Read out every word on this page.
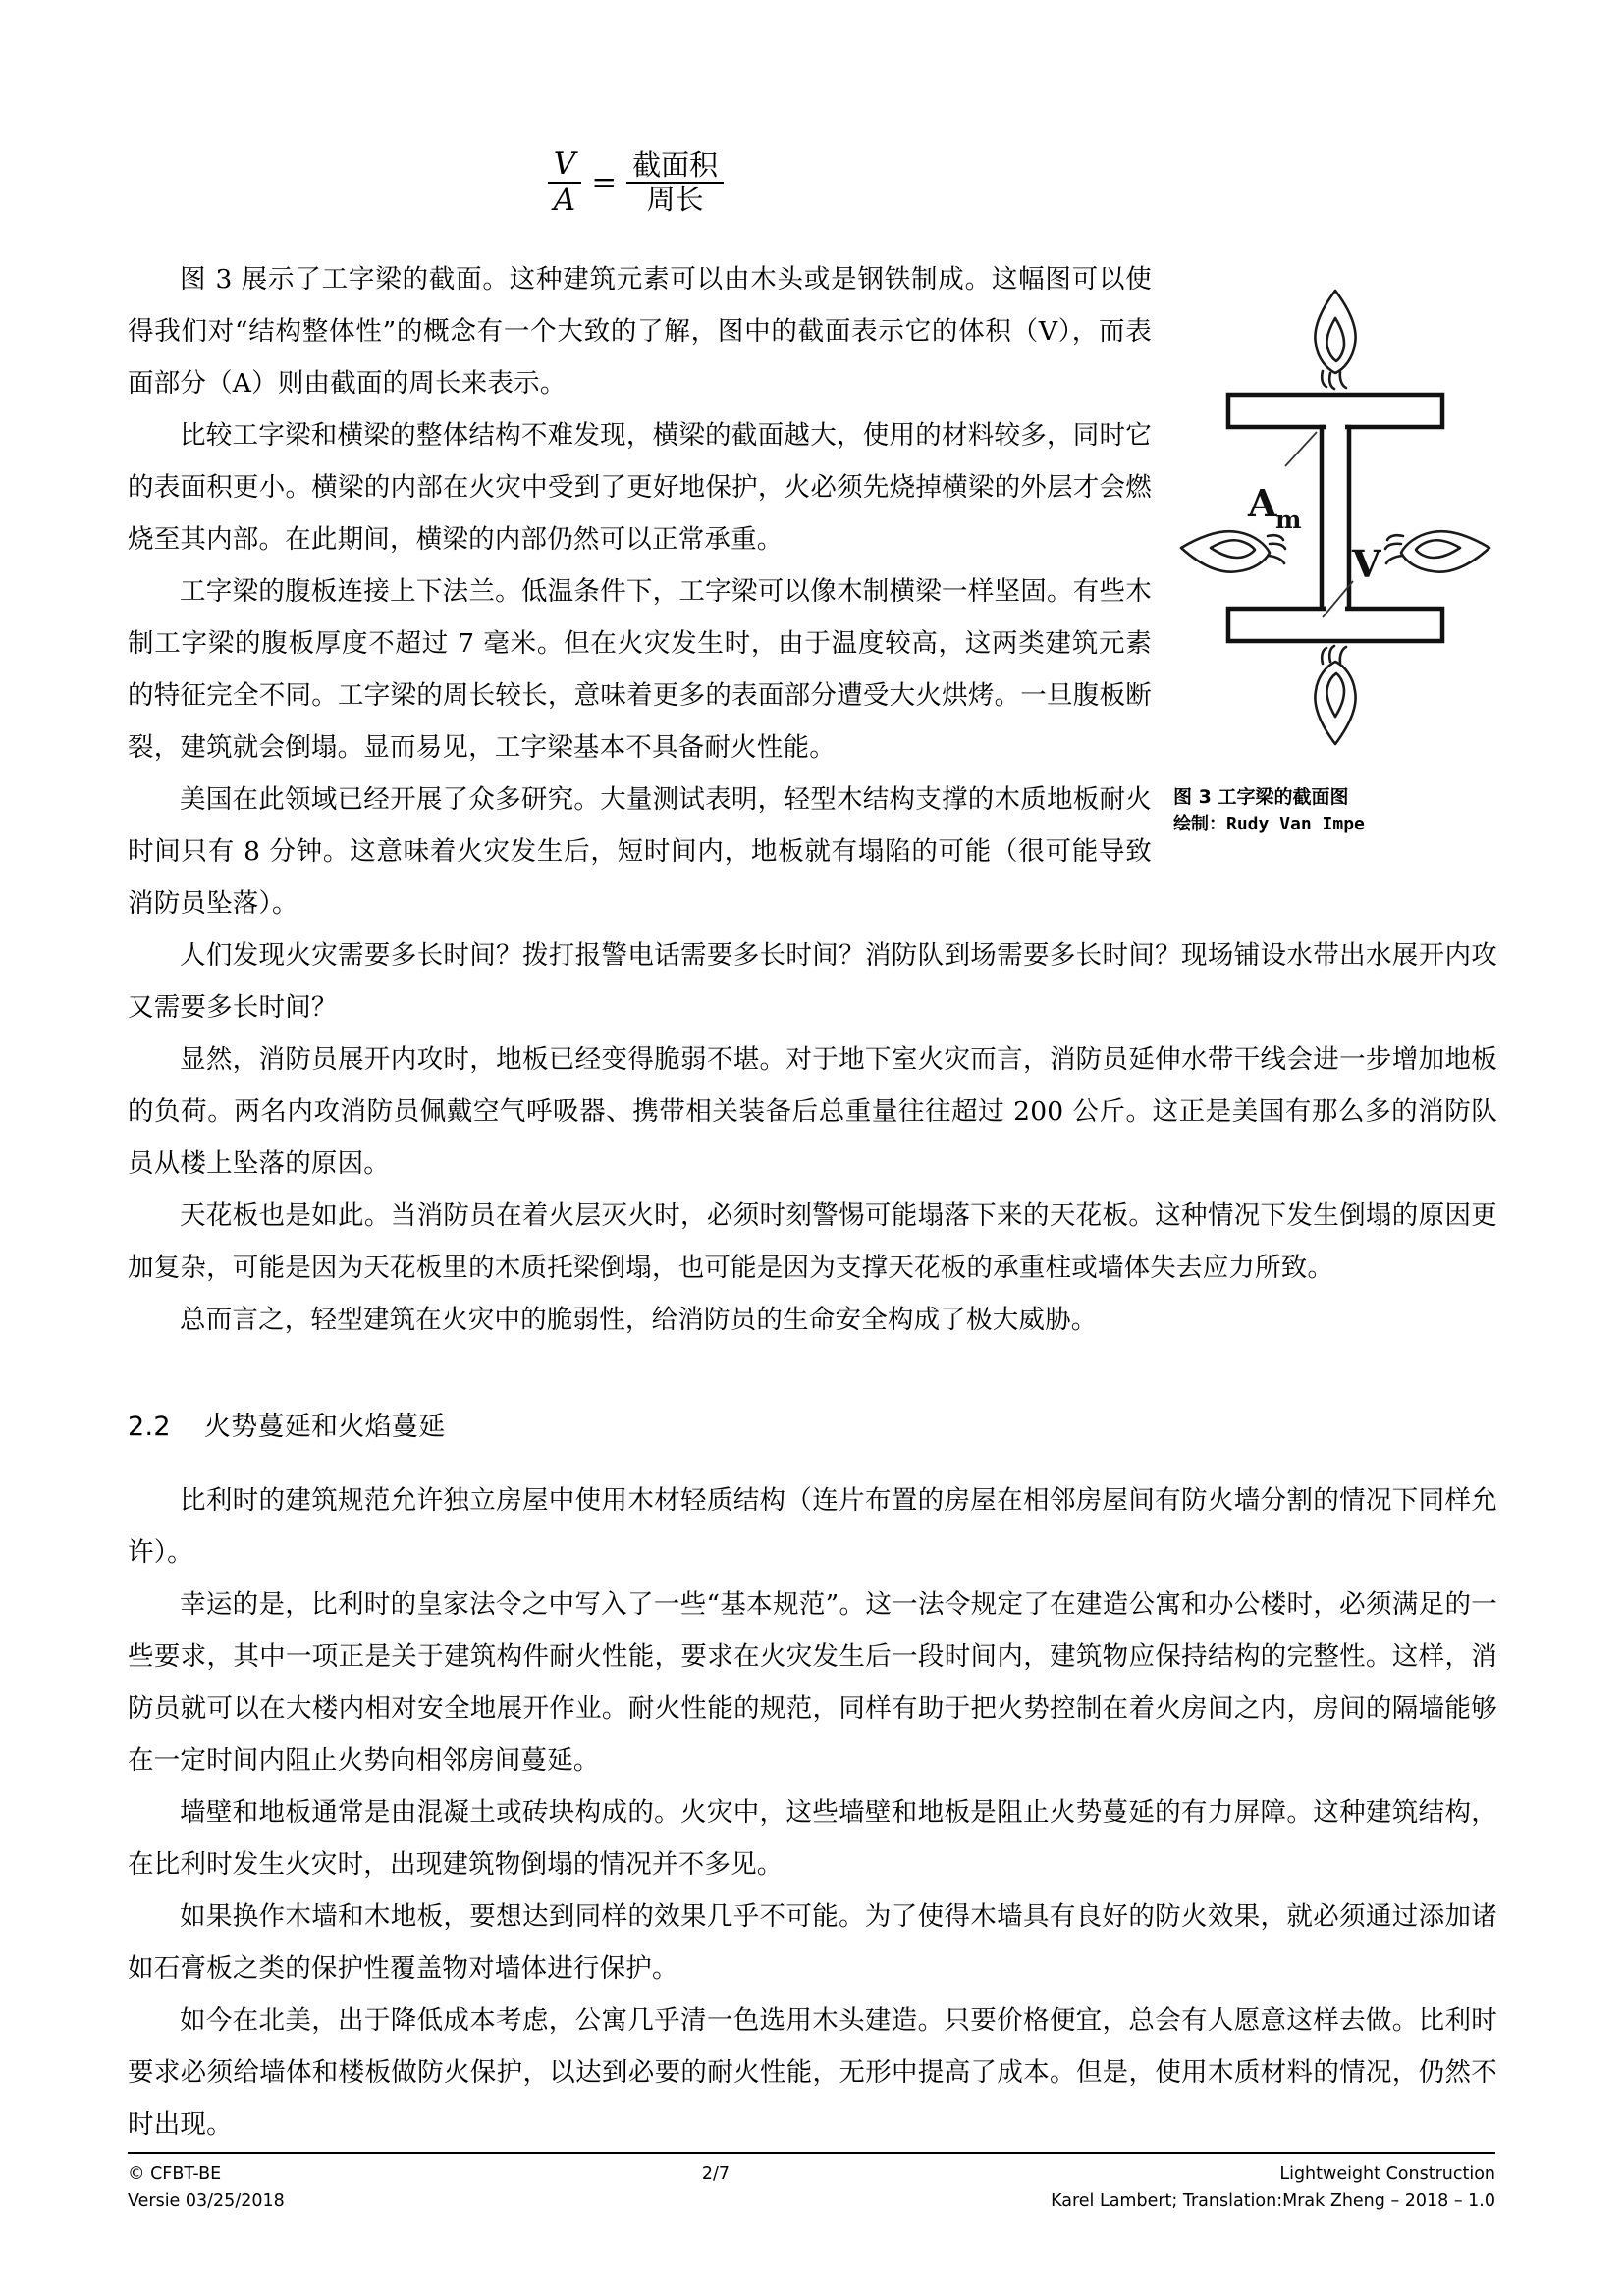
$\frac{V}{A} = \frac{\text{截面积}}{\text{周长}}$
A
m
V
图 3 工字梁的截面图
绘制：Rudy Van Impe

图 3 展示了工字梁的截面。这种建筑元素可以由木头或是钢铁制成。这幅图可以使得我们对“结构整体性”的概念有一个大致的了解，图中的截面表示它的体积（V），而表面部分（A）则由截面的周长来表示。

比较工字梁和横梁的整体结构不难发现，横梁的截面越大，使用的材料较多，同时它的表面积更小。横梁的内部在火灾中受到了更好地保护，火必须先烧掉横梁的外层才会燃烧至其内部。在此期间，横梁的内部仍然可以正常承重。

工字梁的腹板连接上下法兰。低温条件下，工字梁可以像木制横梁一样坚固。有些木制工字梁的腹板厚度不超过 7 毫米。但在火灾发生时，由于温度较高，这两类建筑元素的特征完全不同。工字梁的周长较长，意味着更多的表面部分遭受大火烘烤。一旦腹板断裂，建筑就会倒塌。显而易见，工字梁基本不具备耐火性能。

美国在此领域已经开展了众多研究。大量测试表明，轻型木结构支撑的木质地板耐火时间只有 8 分钟。这意味着火灾发生后，短时间内，地板就有塌陷的可能（很可能导致消防员坠落）。

人们发现火灾需要多长时间？拨打报警电话需要多长时间？消防队到场需要多长时间？现场铺设水带出水展开内攻又需要多长时间？

显然，消防员展开内攻时，地板已经变得脆弱不堪。对于地下室火灾而言，消防员延伸水带干线会进一步增加地板的负荷。两名内攻消防员佩戴空气呼吸器、携带相关装备后总重量往往超过 200 公斤。这正是美国有那么多的消防队员从楼上坠落的原因。

天花板也是如此。当消防员在着火层灭火时，必须时刻警惕可能塌落下来的天花板。这种情况下发生倒塌的原因更加复杂，可能是因为天花板里的木质托梁倒塌，也可能是因为支撑天花板的承重柱或墙体失去应力所致。

总而言之，轻型建筑在火灾中的脆弱性，给消防员的生命安全构成了极大威胁。

2.2 火势蔓延和火焰蔓延

比利时的建筑规范允许独立房屋中使用木材轻质结构（连片布置的房屋在相邻房屋间有防火墙分割的情况下同样允许）。

幸运的是，比利时的皇家法令之中写入了一些“基本规范”。这一法令规定了在建造公寓和办公楼时，必须满足的一些要求，其中一项正是关于建筑构件耐火性能，要求在火灾发生后一段时间内，建筑物应保持结构的完整性。这样，消防员就可以在大楼内相对安全地展开作业。耐火性能的规范，同样有助于把火势控制在着火房间之内，房间的隔墙能够在一定时间内阻止火势向相邻房间蔓延。

墙壁和地板通常是由混凝土或砖块构成的。火灾中，这些墙壁和地板是阻止火势蔓延的有力屏障。这种建筑结构，在比利时发生火灾时，出现建筑物倒塌的情况并不多见。

如果换作木墙和木地板，要想达到同样的效果几乎不可能。为了使得木墙具有良好的防火效果，就必须通过添加诸如石膏板之类的保护性覆盖物对墙体进行保护。

如今在北美，出于降低成本考虑，公寓几乎清一色选用木头建造。只要价格便宜，总会有人愿意这样去做。比利时要求必须给墙体和楼板做防火保护，以达到必要的耐火性能，无形中提高了成本。但是，使用木质材料的情况，仍然不时出现。

© CFBT-BE	2/7	Lightweight Construction
Versie 03/25/2018	Karel Lambert; Translation:Mrak Zheng – 2018 – 1.0
